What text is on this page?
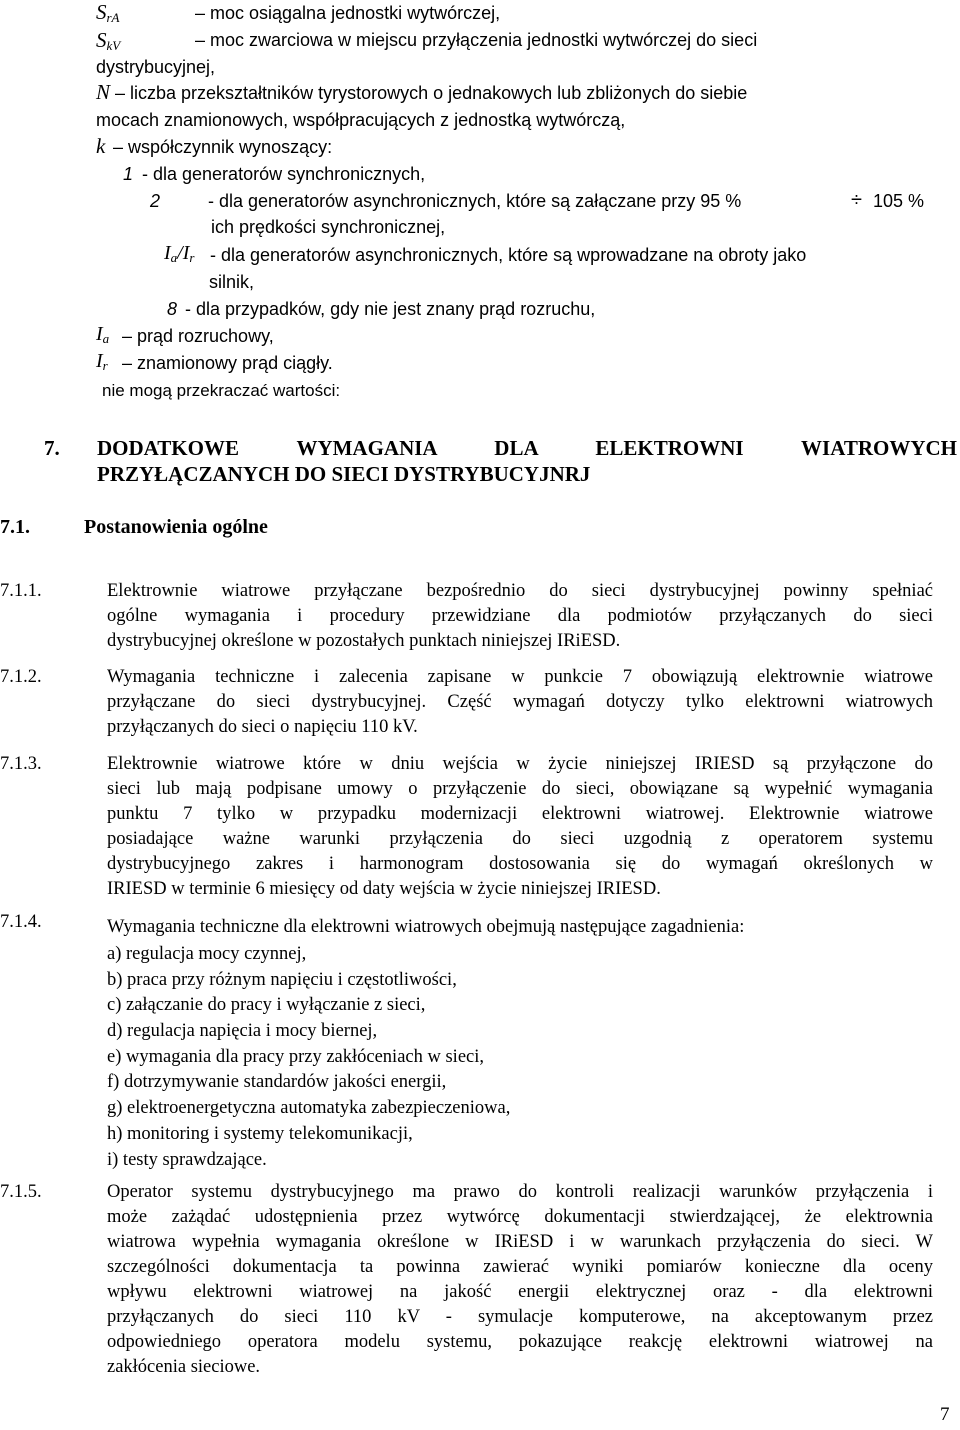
$S_{rA}$	– moc osiągalna jednostki wytwórczej,
$S_{kV}$	– moc zwarciowa w miejscu przyłączenia jednostki wytwórczej do sieci
dystrybucyjnej,
N – liczba przekształtników tyrystorowych o jednakowych lub zbliżonych do siebie
mocach znamionowych, współpracujących z jednostką wytwórczą,
k – współczynnik wynoszący:
1 - dla generatorów synchronicznych,
2	- dla generatorów asynchronicznych, które są załączane przy 95 %	÷ 105 %
ich prędkości synchronicznej,
$I_a/I_r$ - dla generatorów asynchronicznych, które są wprowadzane na obroty jako
silnik,
8 - dla przypadków, gdy nie jest znany prąd rozruchu,
$I_a$ – prąd rozruchowy,
$I_r$ – znamionowy prąd ciągły.
nie mogą przekraczać wartości:
7. DODATKOWE WYMAGANIA DLA ELEKTROWNI WIATROWYCH
PRZYŁĄCZANYCH DO SIECI DYSTRYBUCYJNRJ
7.1.	Postanowienia ogólne
7.1.1.	Elektrownie wiatrowe przyłączane bezpośrednio do sieci dystrybucyjnej powinny spełniać
ogólne wymagania i procedury przewidziane dla podmiotów przyłączanych do sieci
dystrybucyjnej określone w pozostałych punktach niniejszej IRiESD.
7.1.2.	Wymagania techniczne i zalecenia zapisane w punkcie 7 obowiązują elektrownie wiatrowe
przyłączane do sieci dystrybucyjnej. Część wymagań dotyczy tylko elektrowni wiatrowych
przyłączanych do sieci o napięciu 110 kV.
7.1.3.	Elektrownie wiatrowe które w dniu wejścia w życie niniejszej IRIESD są przyłączone do
sieci lub mają podpisane umowy o przyłączenie do sieci, obowiązane są wypełnić wymagania
punktu 7 tylko w przypadku modernizacji elektrowni wiatrowej. Elektrownie wiatrowe
posiadające ważne warunki przyłączenia do sieci uzgodnią z operatorem systemu
dystrybucyjnego zakres i harmonogram dostosowania się do wymagań określonych w
IRIESD w terminie 6 miesięcy od daty wejścia w życie niniejszej IRIESD.
7.1.4.	Wymagania techniczne dla elektrowni wiatrowych obejmują następujące zagadnienia:
a) regulacja mocy czynnej,
b) praca przy różnym napięciu i częstotliwości,
c) załączanie do pracy i wyłączanie z sieci,
d) regulacja napięcia i mocy biernej,
e) wymagania dla pracy przy zakłóceniach w sieci,
f) dotrzymywanie standardów jakości energii,
g) elektroenergetyczna automatyka zabezpieczeniowa,
h) monitoring i systemy telekomunikacji,
i) testy sprawdzające.
7.1.5.	Operator systemu dystrybucyjnego ma prawo do kontroli realizacji warunków przyłączenia i
może zażądać udostępnienia przez wytwórcę dokumentacji stwierdzającej, że elektrownia
wiatrowa wypełnia wymagania określone w IRiESD i w warunkach przyłączenia do sieci. W
szczególności dokumentacja ta powinna zawierać wyniki pomiarów konieczne dla oceny
wpływu elektrowni wiatrowej na jakość energii elektrycznej oraz - dla elektrowni
przyłączanych do sieci 110 kV - symulacje komputerowe, na akceptowanym przez
odpowiedniego operatora modelu systemu, pokazujące reakcję elektrowni wiatrowej na
zakłócenia sieciowe.
7
